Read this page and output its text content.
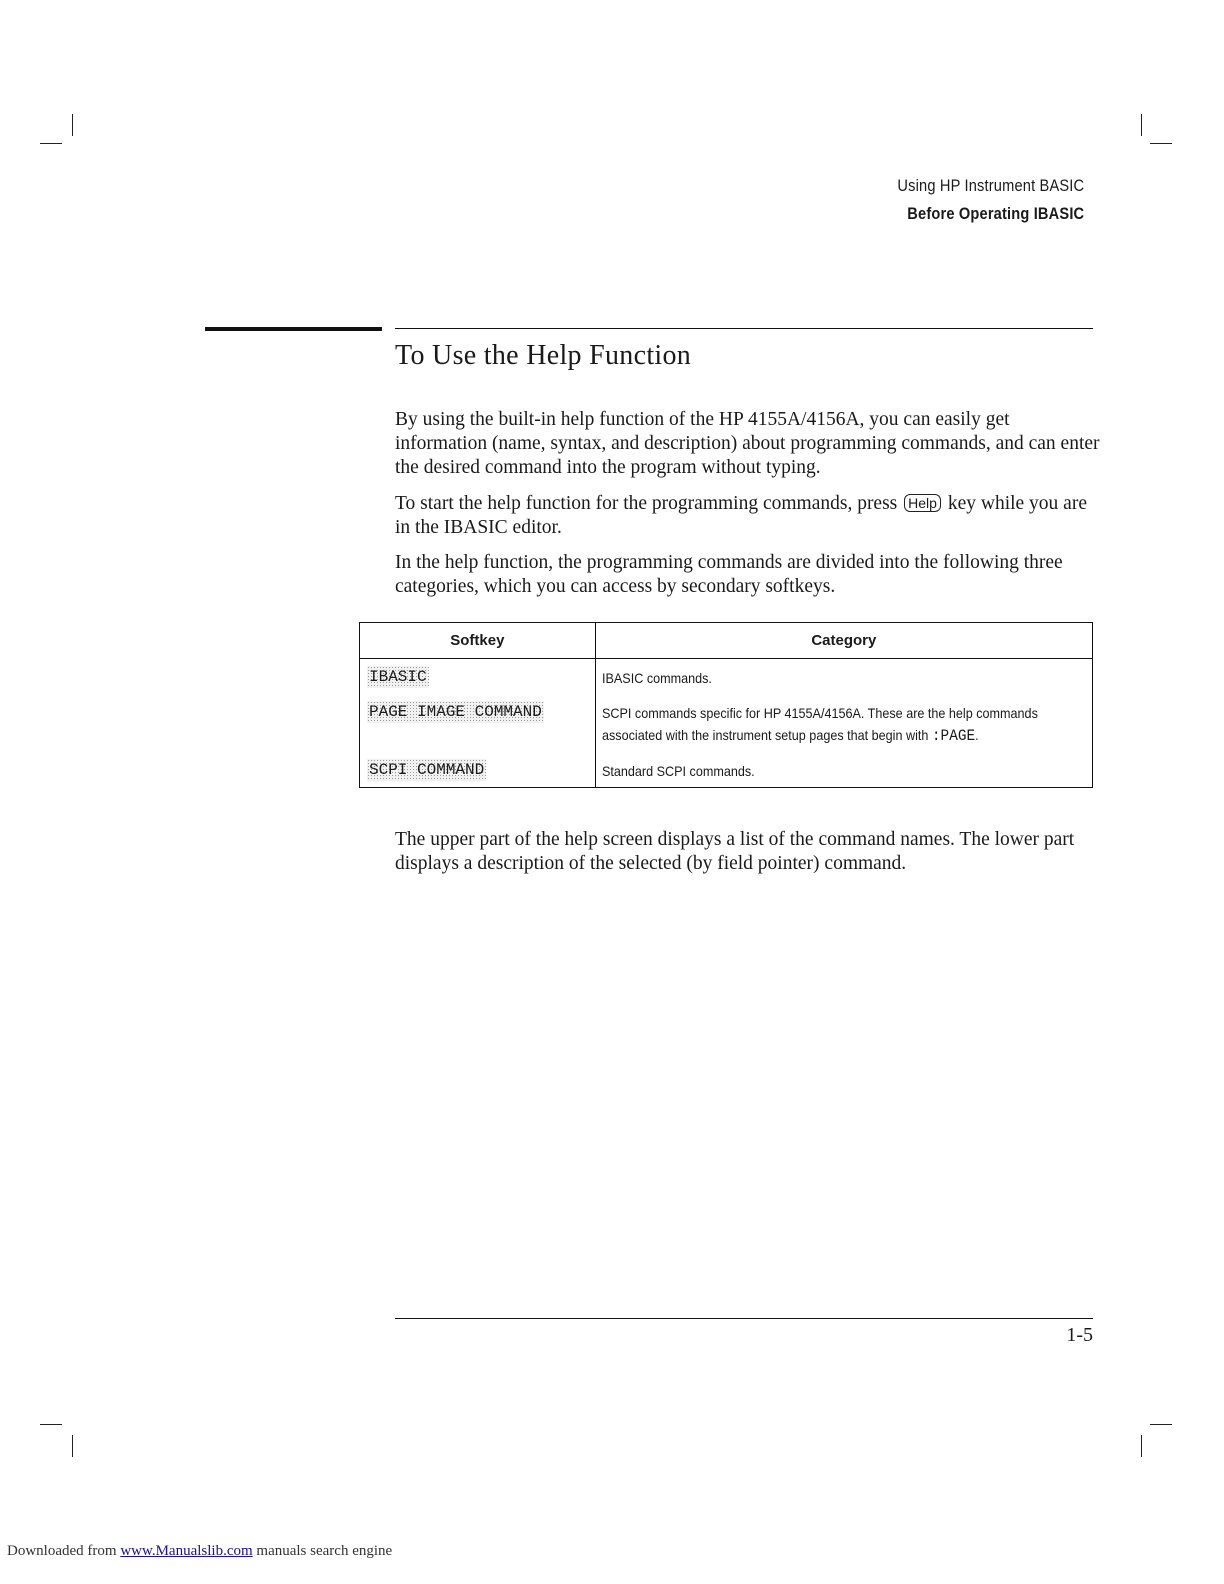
Using HP Instrument BASIC
Before Operating IBASIC
To Use the Help Function

By using the built-in help function of the HP 4155A/4156A, you can easily get information (name, syntax, and description) about programming commands, and can enter the desired command into the program without typing.

To start the help function for the programming commands, press Help key while you are in the IBASIC editor.

In the help function, the programming commands are divided into the following three categories, which you can access by secondary softkeys.

Softkey	Category
IBASIC	IBASIC commands.
PAGE IMAGE COMMAND	SCPI commands specific for HP 4155A/4156A. These are the help commands
associated with the instrument setup pages that begin with :PAGE.
SCPI COMMAND	Standard SCPI commands.

The upper part of the help screen displays a list of the command names. The lower part displays a description of the selected (by field pointer) command.

1-5
Downloaded from www.Manualslib.com manuals search engine
